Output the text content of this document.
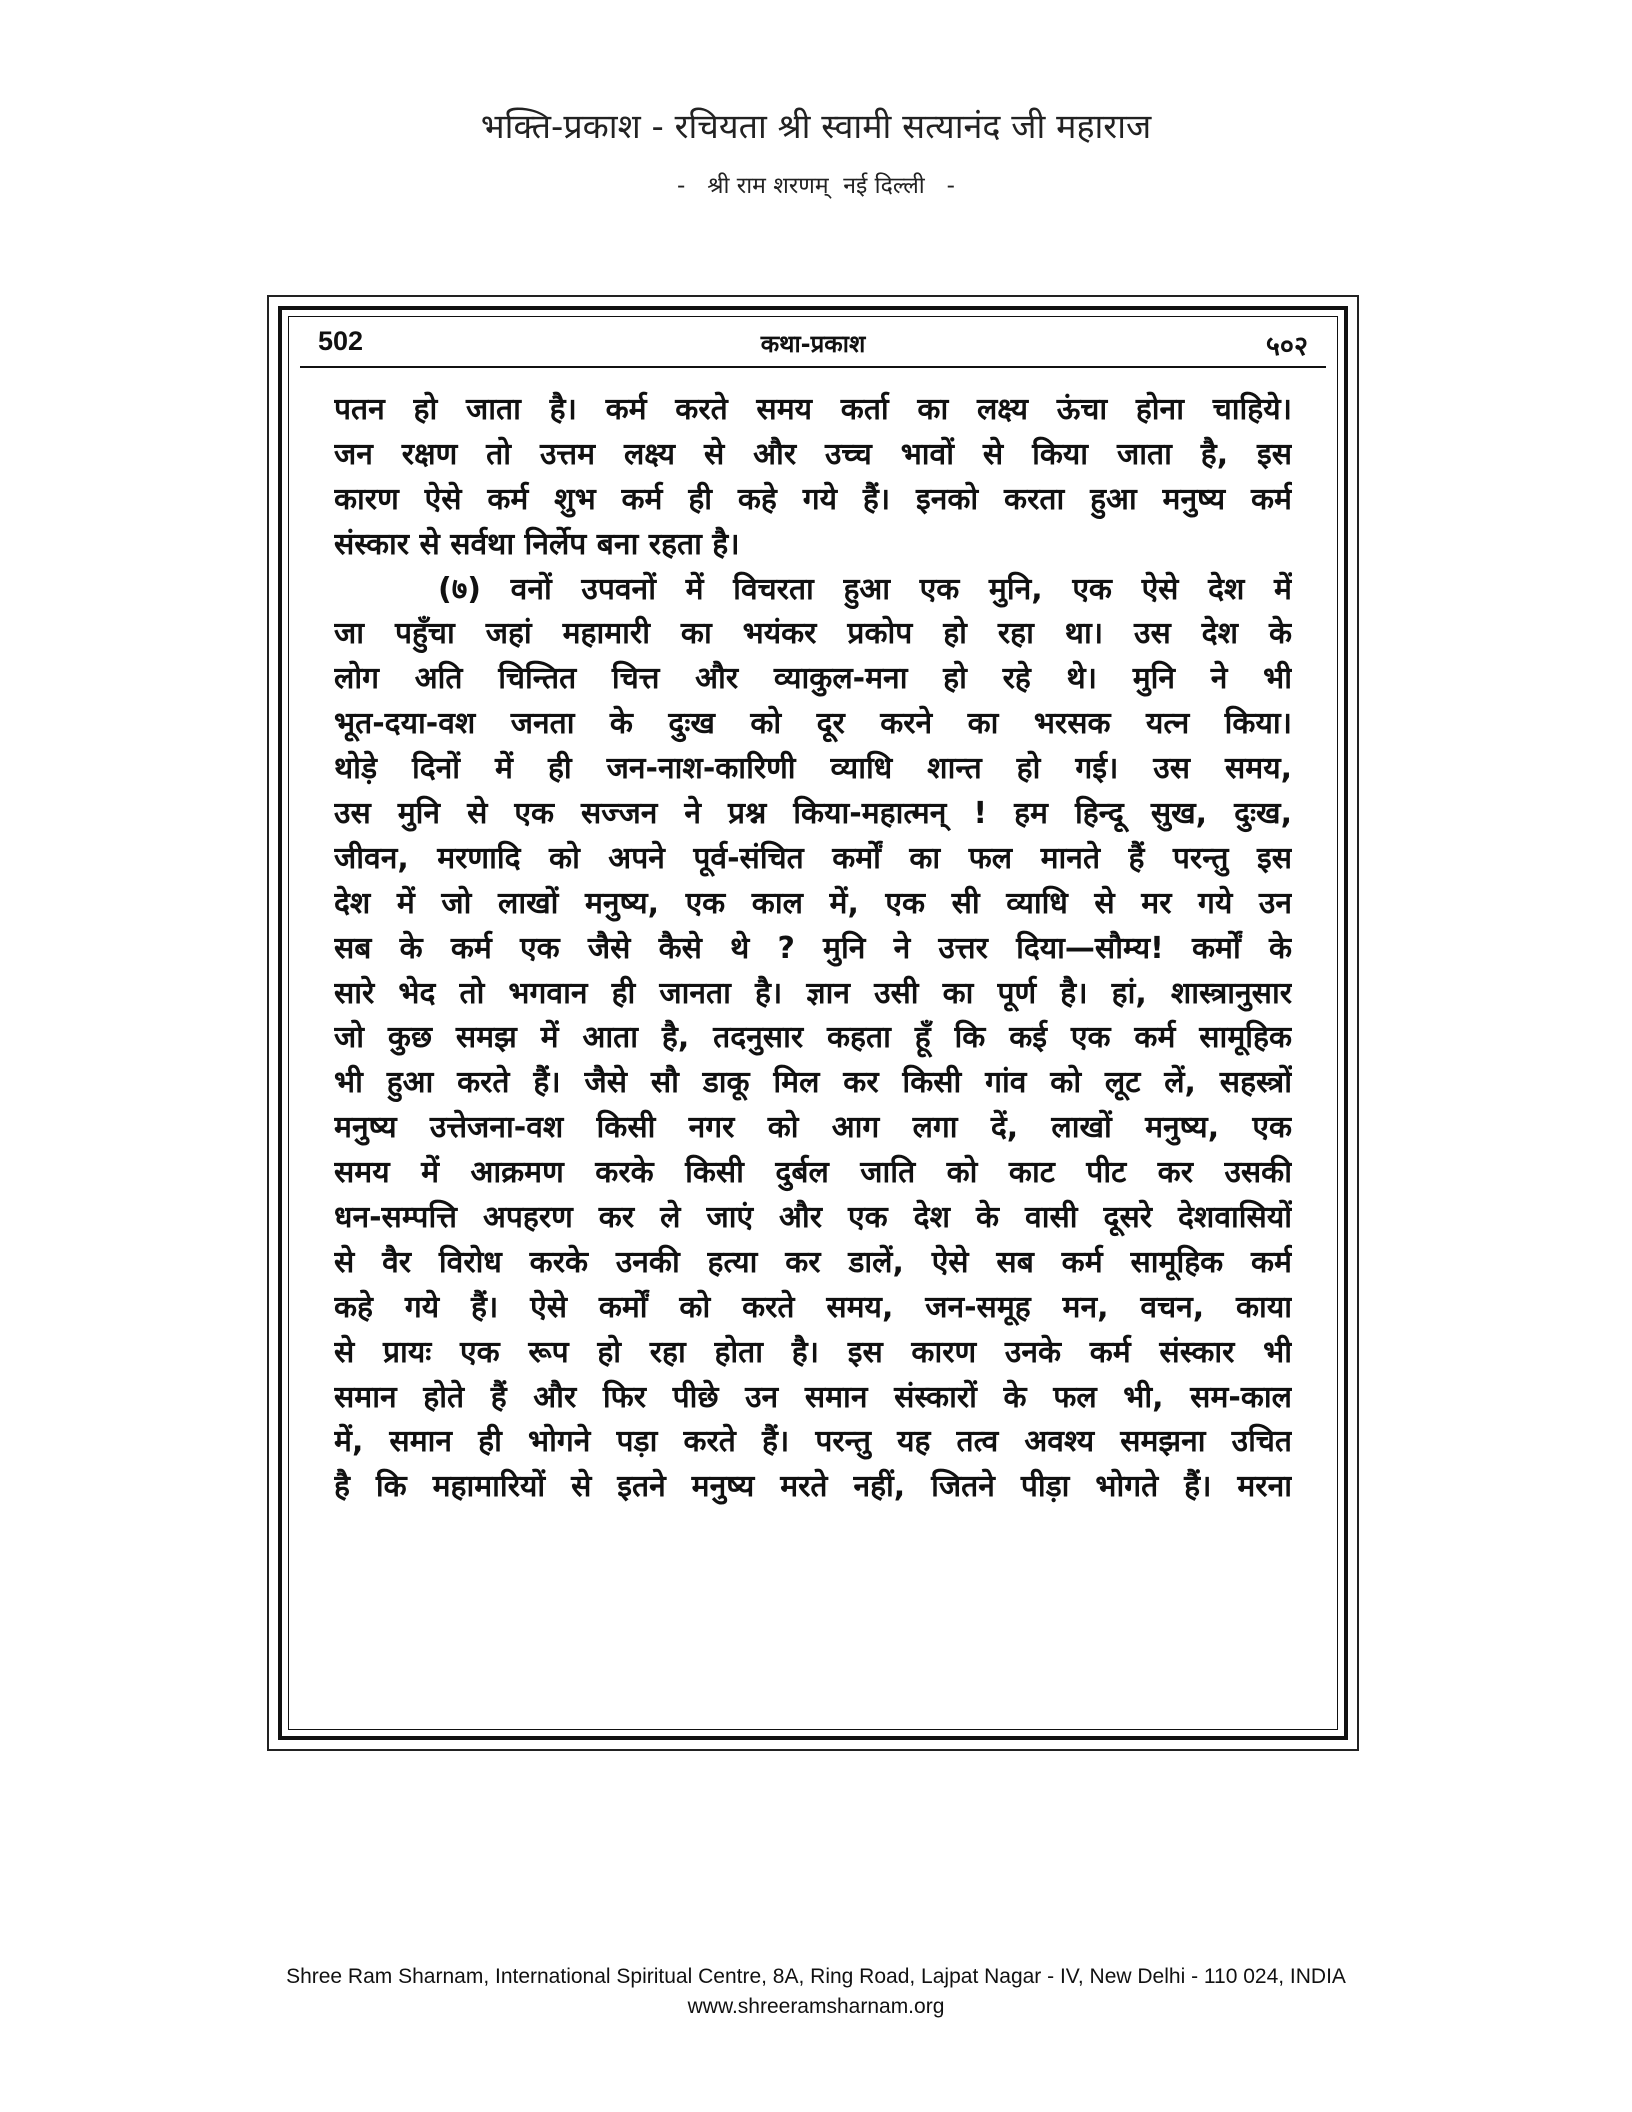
भक्ति-प्रकाश - रचियता श्री स्वामी सत्यानंद जी महाराज
-   श्री राम शरणम्  नई दिल्ली   -
502	कथा-प्रकाश	५०२
पतन हो जाता है। कर्म करते समय कर्ता का लक्ष्य ऊंचा होना चाहिये।
जन रक्षण तो उत्तम लक्ष्य से और उच्च भावों से किया जाता है, इस
कारण ऐसे कर्म शुभ कर्म ही कहे गये हैं। इनको करता हुआ मनुष्य कर्म
संस्कार से सर्वथा निर्लेप बना रहता है।
(७) वनों उपवनों में विचरता हुआ एक मुनि, एक ऐसे देश में
जा पहुँचा जहां महामारी का भयंकर प्रकोप हो रहा था। उस देश के
लोग अति चिन्तित चित्त और व्याकुल-मना हो रहे थे। मुनि ने भी
भूत-दया-वश जनता के दुःख को दूर करने का भरसक यत्न किया।
थोड़े दिनों में ही जन-नाश-कारिणी व्याधि शान्त हो गई। उस समय,
उस मुनि से एक सज्जन ने प्रश्न किया-महात्मन् ! हम हिन्दू सुख, दुःख,
जीवन, मरणादि को अपने पूर्व-संचित कर्मों का फल मानते हैं परन्तु इस
देश में जो लाखों मनुष्य, एक काल में, एक सी व्याधि से मर गये उन
सब के कर्म एक जैसे कैसे थे ? मुनि ने उत्तर दिया—सौम्य! कर्मों के
सारे भेद तो भगवान ही जानता है। ज्ञान उसी का पूर्ण है। हां, शास्त्रानुसार
जो कुछ समझ में आता है, तदनुसार कहता हूँ कि कई एक कर्म सामूहिक
भी हुआ करते हैं। जैसे सौ डाकू मिल कर किसी गांव को लूट लें, सहस्त्रों
मनुष्य उत्तेजना-वश किसी नगर को आग लगा दें, लाखों मनुष्य, एक
समय में आक्रमण करके किसी दुर्बल जाति को काट पीट कर उसकी
धन-सम्पत्ति अपहरण कर ले जाएं और एक देश के वासी दूसरे देशवासियों
से वैर विरोध करके उनकी हत्या कर डालें, ऐसे सब कर्म सामूहिक कर्म
कहे गये हैं। ऐसे कर्मों को करते समय, जन-समूह मन, वचन, काया
से प्रायः एक रूप हो रहा होता है। इस कारण उनके कर्म संस्कार भी
समान होते हैं और फिर पीछे उन समान संस्कारों के फल भी, सम-काल
में, समान ही भोगने पड़ा करते हैं। परन्तु यह तत्व अवश्य समझना उचित
है कि महामारियों से इतने मनुष्य मरते नहीं, जितने पीड़ा भोगते हैं। मरना
Shree Ram Sharnam, International Spiritual Centre, 8A, Ring Road, Lajpat Nagar - IV, New Delhi - 110 024, INDIA
www.shreeramsharnam.org
